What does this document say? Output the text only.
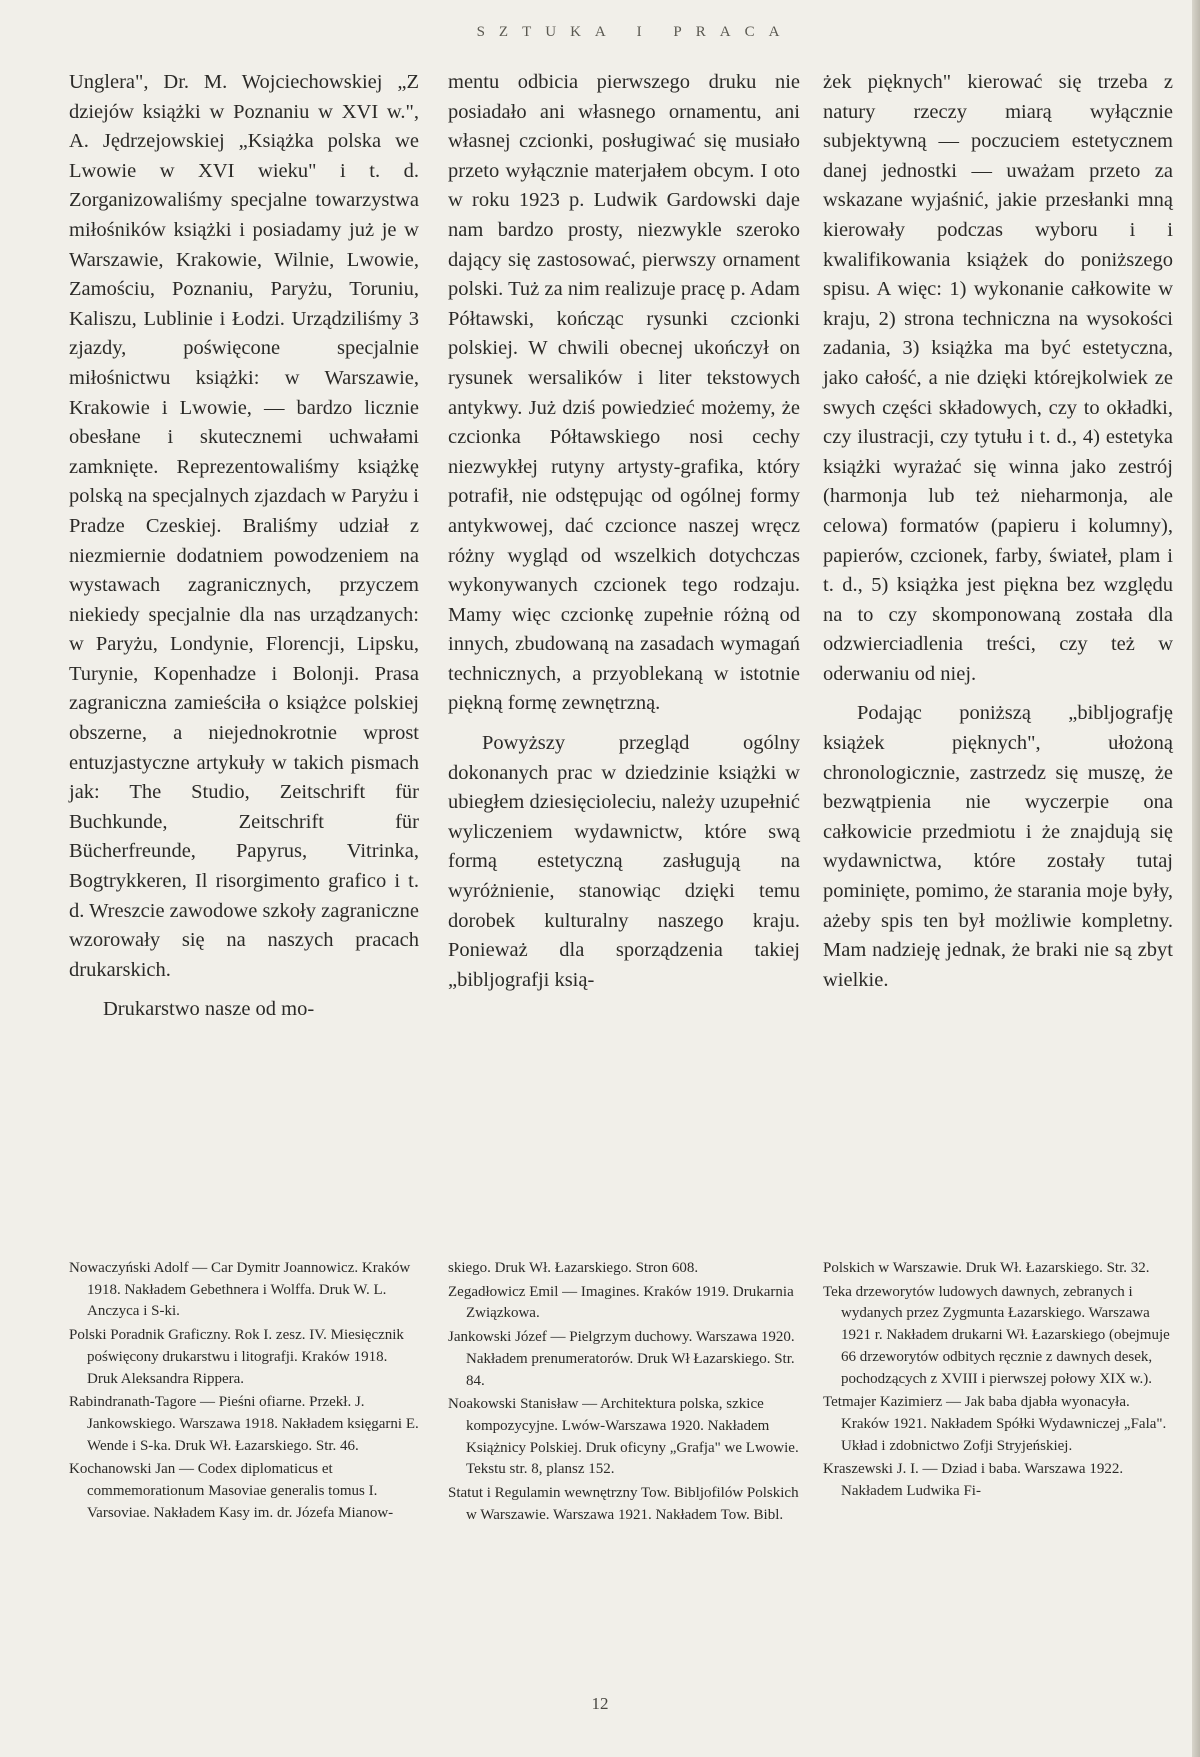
SZTUKA I PRACA

Unglera", Dr. M. Wojciechowskiej „Z dziejów książki w Poznaniu w XVI w.", A. Jędrzejowskiej „Książka polska we Lwowie w XVI wieku" i t. d. Zorganizowaliśmy specjalne towarzystwa miłośników książki i posiadamy już je w Warszawie, Krakowie, Wilnie, Lwowie, Zamościu, Poznaniu, Paryżu, Toruniu, Kaliszu, Lublinie i Łodzi. Urządziliśmy 3 zjazdy, poświęcone specjalnie miłośnictwu książki: w Warszawie, Krakowie i Lwowie, — bardzo licznie obesłane i skutecznemi uchwałami zamknięte. Reprezentowaliśmy książkę polską na specjalnych zjazdach w Paryżu i Pradze Czeskiej. Braliśmy udział z niezmiernie dodatniem powodzeniem na wystawach zagranicznych, przyczem niekiedy specjalnie dla nas urządzanych: w Paryżu, Londynie, Florencji, Lipsku, Turynie, Kopenhadze i Bolonji. Prasa zagraniczna zamieściła o książce polskiej obszerne, a niejednokrotnie wprost entuzjastyczne artykuły w takich pismach jak: The Studio, Zeitschrift für Buchkunde, Zeitschrift für Bücherfreunde, Papyrus, Vitrinka, Bogtrykkeren, Il risorgimento grafico i t. d. Wreszcie zawodowe szkoły zagraniczne wzorowały się na naszych pracach drukarskich.

Drukarstwo nasze od mo-

mentu odbicia pierwszego druku nie posiadało ani własnego ornamentu, ani własnej czcionki, posługiwać się musiało przeto wyłącznie materjałem obcym. I oto w roku 1923 p. Ludwik Gardowski daje nam bardzo prosty, niezwykle szeroko dający się zastosować, pierwszy ornament polski. Tuż za nim realizuje pracę p. Adam Półtawski, kończąc rysunki czcionki polskiej. W chwili obecnej ukończył on rysunek wersalików i liter tekstowych antykwy. Już dziś powiedzieć możemy, że czcionka Półtawskiego nosi cechy niezwykłej rutyny artysty-grafika, który potrafił, nie odstępując od ogólnej formy antykwowej, dać czcionce naszej wręcz różny wygląd od wszelkich dotychczas wykonywanych czcionek tego rodzaju. Mamy więc czcionkę zupełnie różną od innych, zbudowaną na zasadach wymagań technicznych, a przyoblekaną w istotnie piękną formę zewnętrzną.

Powyższy przegląd ogólny dokonanych prac w dziedzinie książki w ubiegłem dziesięcioleciu, należy uzupełnić wyliczeniem wydawnictw, które swą formą estetyczną zasługują na wyróżnienie, stanowiąc dzięki temu dorobek kulturalny naszego kraju. Ponieważ dla sporządzenia takiej „bibljografji ksią-

żek pięknych" kierować się trzeba z natury rzeczy miarą wyłącznie subjektywną — poczuciem estetycznem danej jednostki — uważam przeto za wskazane wyjaśnić, jakie przesłanki mną kierowały podczas wyboru i i kwalifikowania książek do poniższego spisu. A więc: 1) wykonanie całkowite w kraju, 2) strona techniczna na wysokości zadania, 3) książka ma być estetyczna, jako całość, a nie dzięki którejkolwiek ze swych części składowych, czy to okładki, czy ilustracji, czy tytułu i t. d., 4) estetyka książki wyrażać się winna jako zestrój (harmonja lub też nieharmonja, ale celowa) formatów (papieru i kolumny), papierów, czcionek, farby, świateł, plam i t. d., 5) książka jest piękna bez względu na to czy skomponowaną została dla odzwierciadlenia treści, czy też w oderwaniu od niej.

Podając poniższą „bibljografję książek pięknych", ułożoną chronologicznie, zastrzedz się muszę, że bezwątpienia nie wyczerpie ona całkowicie przedmiotu i że znajdują się wydawnictwa, które zostały tutaj pominięte, pomimo, że starania moje były, ażeby spis ten był możliwie kompletny. Mam nadzieję jednak, że braki nie są zbyt wielkie.

Nowaczyński Adolf — Car Dymitr Joannowicz. Kraków 1918. Nakładem Gebethnera i Wolffa. Druk W. L. Anczyca i S-ki.

Polski Poradnik Graficzny. Rok I. zesz. IV. Miesięcznik poświęcony drukarstwu i litografji. Kraków 1918. Druk Aleksandra Rippera.

Rabindranath-Tagore — Pieśni ofiarne. Przekł. J. Jankowskiego. Warszawa 1918. Nakładem księgarni E. Wende i S-ka. Druk Wł. Łazarskiego. Str. 46.

Kochanowski Jan — Codex diplomaticus et commemorationum Masoviae generalis tomus I. Varsoviae. Nakładem Kasy im. dr. Józefa Mianow-

skiego. Druk Wł. Łazarskiego. Stron 608.

Zegadłowicz Emil — Imagines. Kraków 1919. Drukarnia Związkowa.

Jankowski Józef — Pielgrzym duchowy. Warszawa 1920. Nakładem prenumeratorów. Druk Wł Łazarskiego. Str. 84.

Noakowski Stanisław — Architektura polska, szkice kompozycyjne. Lwów-Warszawa 1920. Nakładem Książnicy Polskiej. Druk oficyny „Grafja" we Lwowie. Tekstu str. 8, plansz 152.

Statut i Regulamin wewnętrzny Tow. Bibljofilów Polskich w Warszawie. Warszawa 1921. Nakładem Tow. Bibl.

Polskich w Warszawie. Druk Wł. Łazarskiego. Str. 32.

Teka drzeworytów ludowych dawnych, zebranych i wydanych przez Zygmunta Łazarskiego. Warszawa 1921 r. Nakładem drukarni Wł. Łazarskiego (obejmuje 66 drzeworytów odbitych ręcznie z dawnych desek, pochodzących z XVIII i pierwszej połowy XIX w.).

Tetmajer Kazimierz — Jak baba djabła wyonacyła. Kraków 1921. Nakładem Spółki Wydawniczej „Fala". Układ i zdobnictwo Zofji Stryjeńskiej.

Kraszewski J. I. — Dziad i baba. Warszawa 1922. Nakładem Ludwika Fi-

12
